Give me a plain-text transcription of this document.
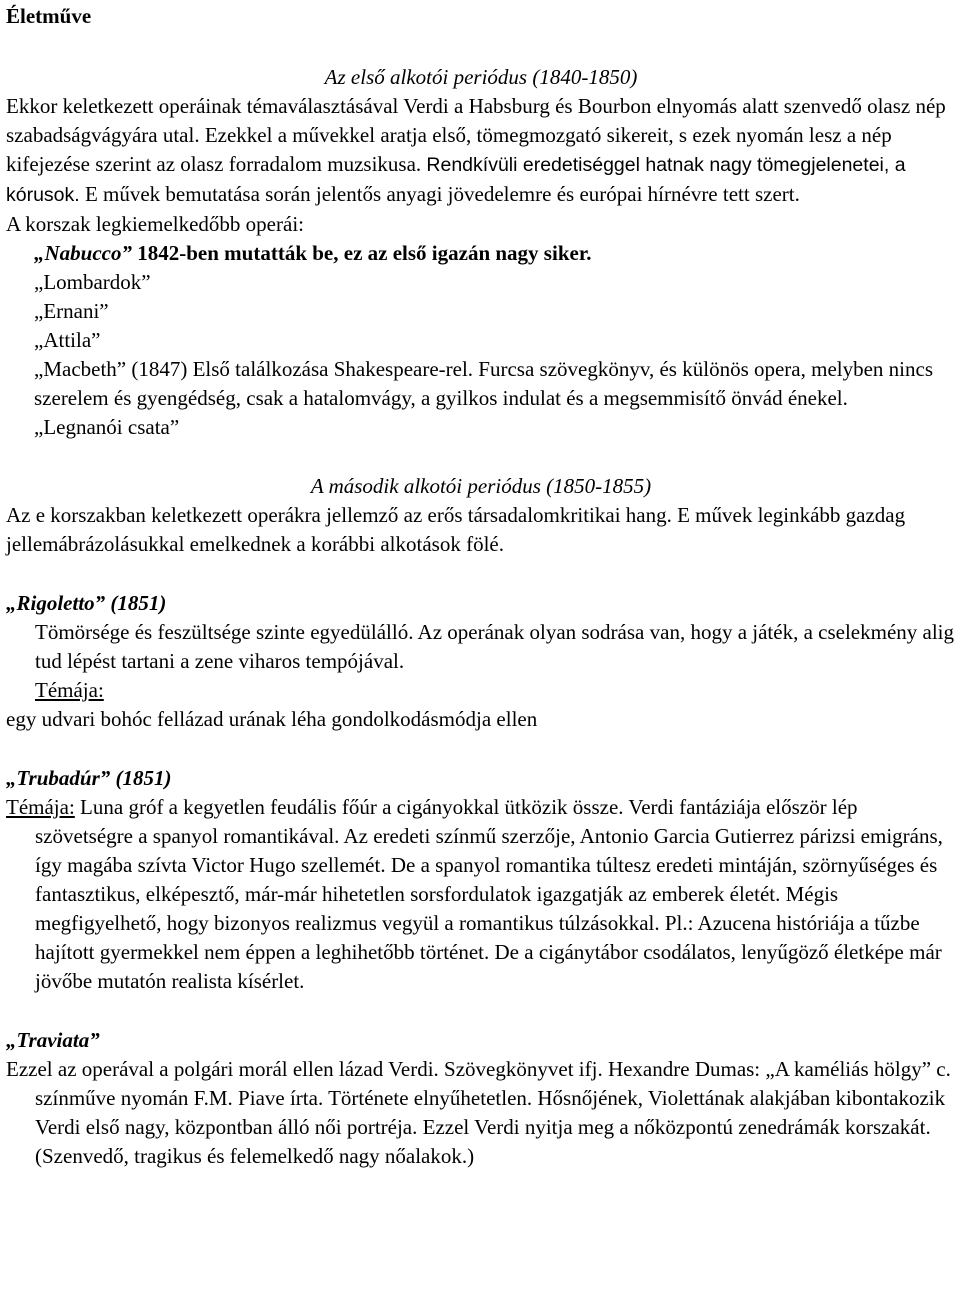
Életműve

Az első alkotói periódus (1840-1850)

Ekkor keletkezett operáinak témaválasztásával Verdi a Habsburg és Bourbon elnyomás alatt szenvedő olasz nép szabadságvágyára utal. Ezekkel a művekkel aratja első, tömegmozgató sikereit, s ezek nyomán lesz a nép kifejezése szerint az olasz forradalom muzsikusa. Rendkívüli eredetiséggel hatnak nagy tömegjelenetei, a kórusok. E művek bemutatása során jelentős anyagi jövedelemre és európai hírnévre tett szert.

A korszak legkiemelkedőbb operái:

„Nabucco” 1842-ben mutatták be, ez az első igazán nagy siker.

„Lombardok”

„Ernani”

„Attila”

„Macbeth” (1847) Első találkozása Shakespeare-rel. Furcsa szövegkönyv, és különös opera, melyben nincs szerelem és gyengédség, csak a hatalomvágy, a gyilkos indulat és a megsemmisítő önvád énekel.

„Legnanói csata”

A második alkotói periódus (1850-1855)

Az e korszakban keletkezett operákra jellemző az erős társadalomkritikai hang. E művek leginkább gazdag jellemábrázolásukkal emelkednek a korábbi alkotások fölé.

„Rigoletto” (1851)

Tömörsége és feszültsége szinte egyedülálló. Az operának olyan sodrása van, hogy a játék, a cselekmény alig tud lépést tartani a zene viharos tempójával.

Témája:

egy udvari bohóc fellázad urának léha gondolkodásmódja ellen

„Trubadúr” (1851)

Témája: Luna gróf a kegyetlen feudális főúr a cigányokkal ütközik össze. Verdi fantáziája először lép szövetségre a spanyol romantikával. Az eredeti színmű szerzője, Antonio Garcia Gutierrez párizsi emigráns, így magába szívta Victor Hugo szellemét. De a spanyol romantika túltesz eredeti mintáján, szörnyűséges és fantasztikus, elképesztő, már-már hihetetlen sorsfordulatok igazgatják az emberek életét. Mégis megfigyelhető, hogy bizonyos realizmus vegyül a romantikus túlzásokkal. Pl.: Azucena históriája a tűzbe hajított gyermekkel nem éppen a leghihetőbb történet. De a cigánytábor csodálatos, lenyűgöző életképe már jövőbe mutatón realista kísérlet.

„Traviata”

Ezzel az operával a polgári morál ellen lázad Verdi. Szövegkönyvet ifj. Hexandre Dumas: „A kaméliás hölgy” c. színműve nyomán F.M. Piave írta. Története elnyűhetetlen. Hősnőjének, Violettának alakjában kibontakozik Verdi első nagy, központban álló női portréja. Ezzel Verdi nyitja meg a nőközpontú zenedrámák korszakát. (Szenvedő, tragikus és felemelkedő nagy nőalakok.)
